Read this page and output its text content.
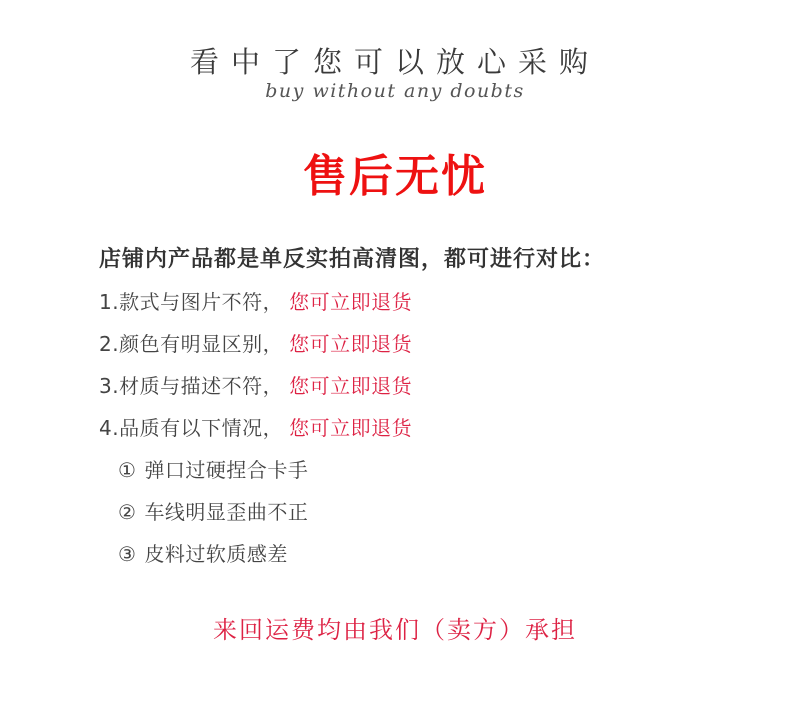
看中了您可以放心采购
buy without any doubts
售后无忧
店铺内产品都是单反实拍高清图，都可进行对比：
1.款式与图片不符， 您可立即退货
2.颜色有明显区别， 您可立即退货
3.材质与描述不符， 您可立即退货
4.品质有以下情况， 您可立即退货
① 弹口过硬捏合卡手
② 车线明显歪曲不正
③ 皮料过软质感差
来回运费均由我们（卖方）承担
